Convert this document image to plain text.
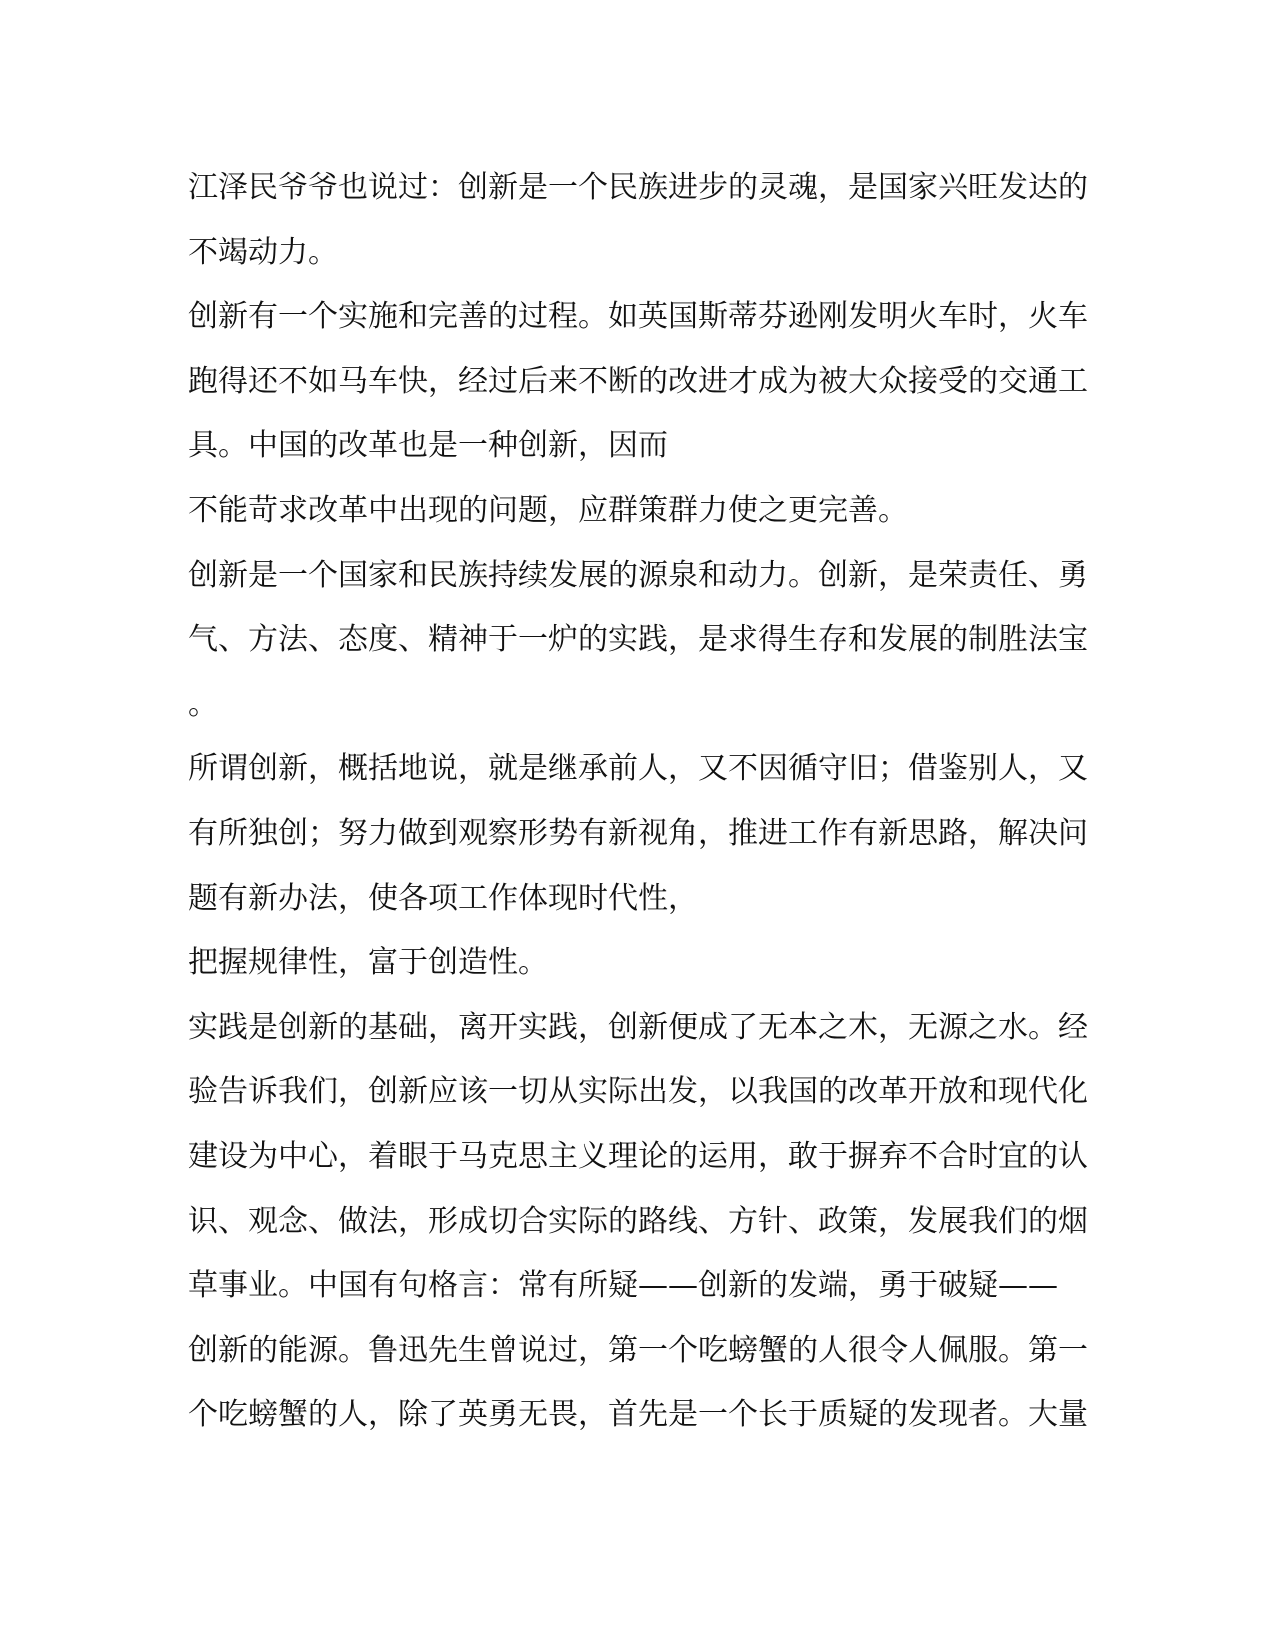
江泽民爷爷也说过：创新是一个民族进步的灵魂，是国家兴旺发达的
不竭动力。
创新有一个实施和完善的过程。如英国斯蒂芬逊刚发明火车时，火车
跑得还不如马车快，经过后来不断的改进才成为被大众接受的交通工
具。中国的改革也是一种创新，因而
不能苛求改革中出现的问题，应群策群力使之更完善。
创新是一个国家和民族持续发展的源泉和动力。创新，是荣责任、勇
气、方法、态度、精神于一炉的实践，是求得生存和发展的制胜法宝
。
所谓创新，概括地说，就是继承前人，又不因循守旧；借鉴别人，又
有所独创；努力做到观察形势有新视角，推进工作有新思路，解决问
题有新办法，使各项工作体现时代性，
把握规律性，富于创造性。
实践是创新的基础，离开实践，创新便成了无本之木，无源之水。经
验告诉我们，创新应该一切从实际出发，以我国的改革开放和现代化
建设为中心，着眼于马克思主义理论的运用，敢于摒弃不合时宜的认
识、观念、做法，形成切合实际的路线、方针、政策，发展我们的烟
草事业。中国有句格言：常有所疑——创新的发端，勇于破疑——
创新的能源。鲁迅先生曾说过，第一个吃螃蟹的人很令人佩服。第一
个吃螃蟹的人，除了英勇无畏，首先是一个长于质疑的发现者。大量
